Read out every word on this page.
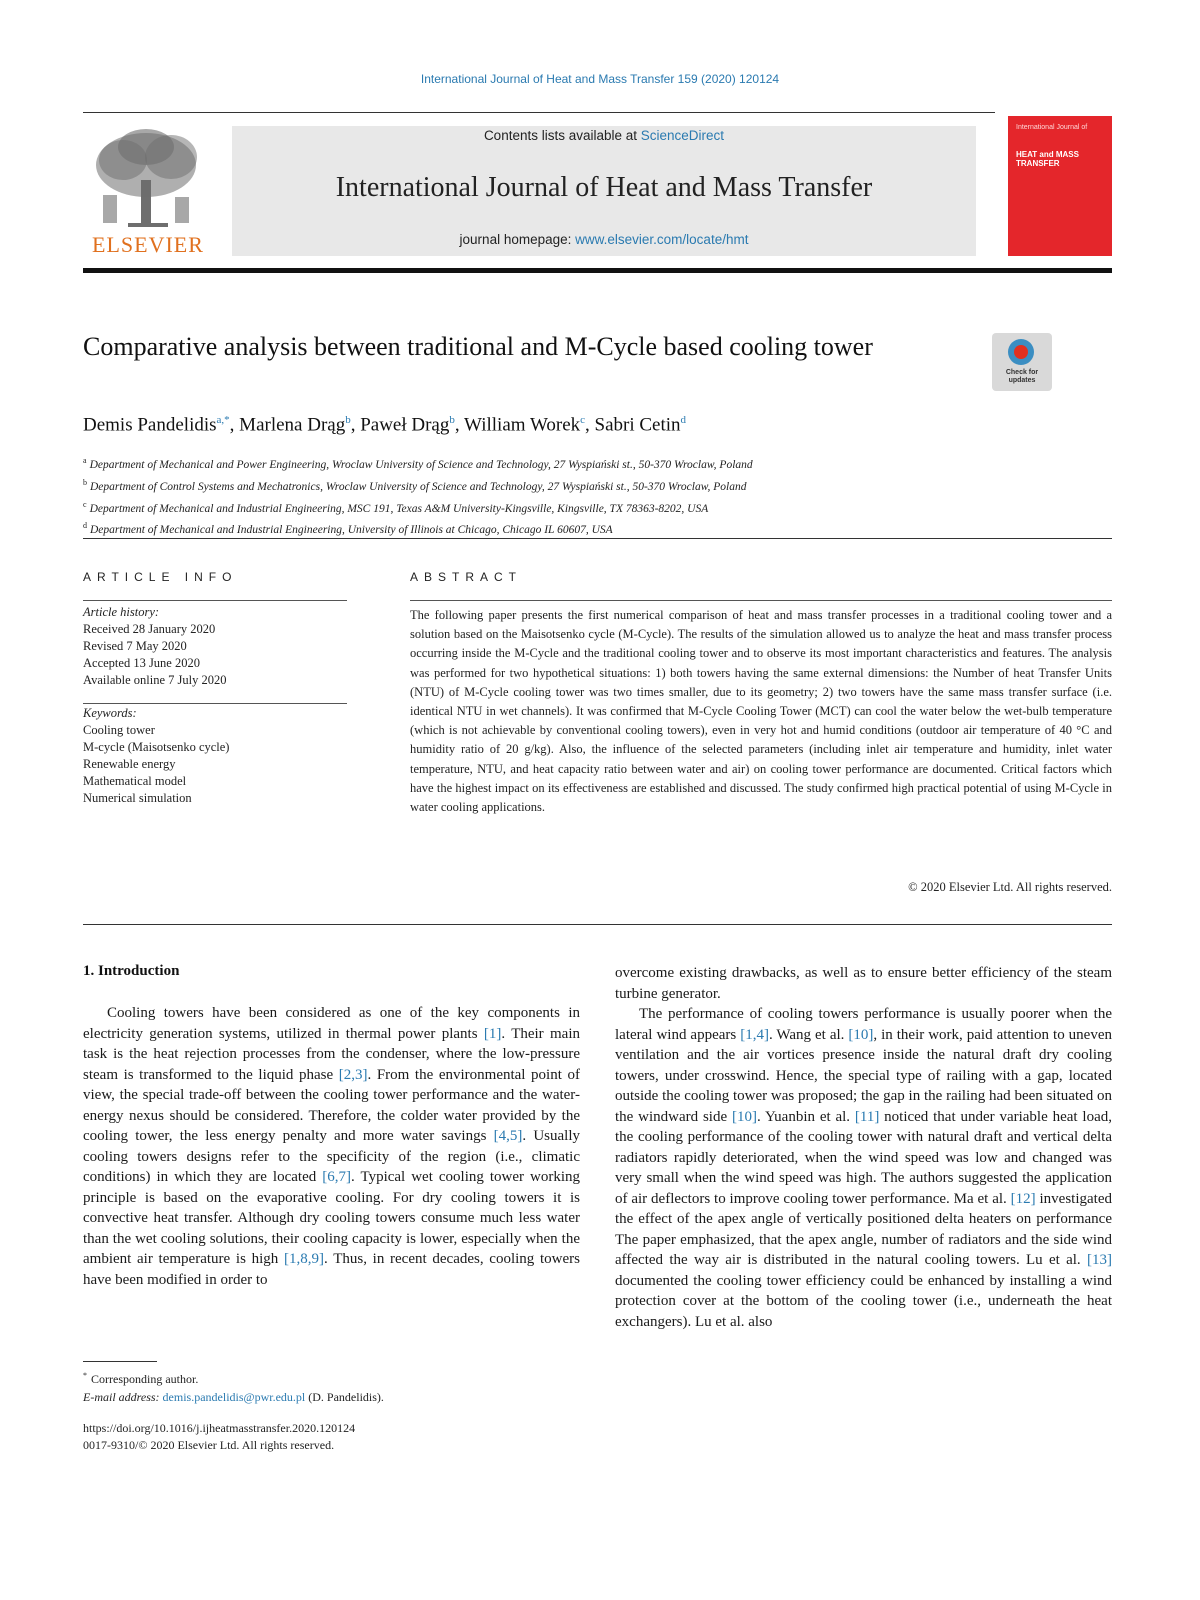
International Journal of Heat and Mass Transfer 159 (2020) 120124
ELSEVIER
Contents lists available at ScienceDirect
International Journal of Heat and Mass Transfer
journal homepage: www.elsevier.com/locate/hmt
International Journal of
HEAT and MASS TRANSFER
Comparative analysis between traditional and M-Cycle based cooling tower
Check for updates
Demis Pandelidis$^{a,*}$, Marlena Drąg$^b$, Paweł Drąg$^b$, William Worek$^c$, Sabri Cetin$^d$
$^a$ Department of Mechanical and Power Engineering, Wroclaw University of Science and Technology, 27 Wyspiański st., 50-370 Wroclaw, Poland
$^b$ Department of Control Systems and Mechatronics, Wroclaw University of Science and Technology, 27 Wyspiański st., 50-370 Wroclaw, Poland
$^c$ Department of Mechanical and Industrial Engineering, MSC 191, Texas A&M University-Kingsville, Kingsville, TX 78363-8202, USA
$^d$ Department of Mechanical and Industrial Engineering, University of Illinois at Chicago, Chicago IL 60607, USA
ARTICLE INFO	ABSTRACT
Article history:
Received 28 January 2020
Revised 7 May 2020
Accepted 13 June 2020
Available online 7 July 2020
Keywords:
Cooling tower
M-cycle (Maisotsenko cycle)
Renewable energy
Mathematical model
Numerical simulation
The following paper presents the first numerical comparison of heat and mass transfer processes in a traditional cooling tower and a solution based on the Maisotsenko cycle (M-Cycle). The results of the simulation allowed us to analyze the heat and mass transfer process occurring inside the M-Cycle and the traditional cooling tower and to observe its most important characteristics and features. The analysis was performed for two hypothetical situations: 1) both towers having the same external dimensions: the Number of heat Transfer Units (NTU) of M-Cycle cooling tower was two times smaller, due to its geometry; 2) two towers have the same mass transfer surface (i.e. identical NTU in wet channels). It was confirmed that M-Cycle Cooling Tower (MCT) can cool the water below the wet-bulb temperature (which is not achievable by conventional cooling towers), even in very hot and humid conditions (outdoor air temperature of 40 °C and humidity ratio of 20 g/kg). Also, the influence of the selected parameters (including inlet air temperature and humidity, inlet water temperature, NTU, and heat capacity ratio between water and air) on cooling tower performance are documented. Critical factors which have the highest impact on its effectiveness are established and discussed. The study confirmed high practical potential of using M-Cycle in water cooling applications.
© 2020 Elsevier Ltd. All rights reserved.
1. Introduction

Cooling towers have been considered as one of the key components in electricity generation systems, utilized in thermal power plants [1]. Their main task is the heat rejection processes from the condenser, where the low-pressure steam is transformed to the liquid phase [2,3]. From the environmental point of view, the special trade-off between the cooling tower performance and the water-energy nexus should be considered. Therefore, the colder water provided by the cooling tower, the less energy penalty and more water savings [4,5]. Usually cooling towers designs refer to the specificity of the region (i.e., climatic conditions) in which they are located [6,7]. Typical wet cooling tower working principle is based on the evaporative cooling. For dry cooling towers it is convective heat transfer. Although dry cooling towers consume much less water than the wet cooling solutions, their cooling capacity is lower, especially when the ambient air temperature is high [1,8,9]. Thus, in recent decades, cooling towers have been modified in order to

overcome existing drawbacks, as well as to ensure better efficiency of the steam turbine generator.

The performance of cooling towers performance is usually poorer when the lateral wind appears [1,4]. Wang et al. [10], in their work, paid attention to uneven ventilation and the air vortices presence inside the natural draft dry cooling towers, under crosswind. Hence, the special type of railing with a gap, located outside the cooling tower was proposed; the gap in the railing had been situated on the windward side [10]. Yuanbin et al. [11] noticed that under variable heat load, the cooling performance of the cooling tower with natural draft and vertical delta radiators rapidly deteriorated, when the wind speed was low and changed was very small when the wind speed was high. The authors suggested the application of air deflectors to improve cooling tower performance. Ma et al. [12] investigated the effect of the apex angle of vertically positioned delta heaters on performance The paper emphasized, that the apex angle, number of radiators and the side wind affected the way air is distributed in the natural cooling towers. Lu et al. [13] documented the cooling tower efficiency could be enhanced by installing a wind protection cover at the bottom of the cooling tower (i.e., underneath the heat exchangers). Lu et al. also

* Corresponding author.
E-mail address: demis.pandelidis@pwr.edu.pl (D. Pandelidis).
https://doi.org/10.1016/j.ijheatmasstransfer.2020.120124
0017-9310/© 2020 Elsevier Ltd. All rights reserved.
